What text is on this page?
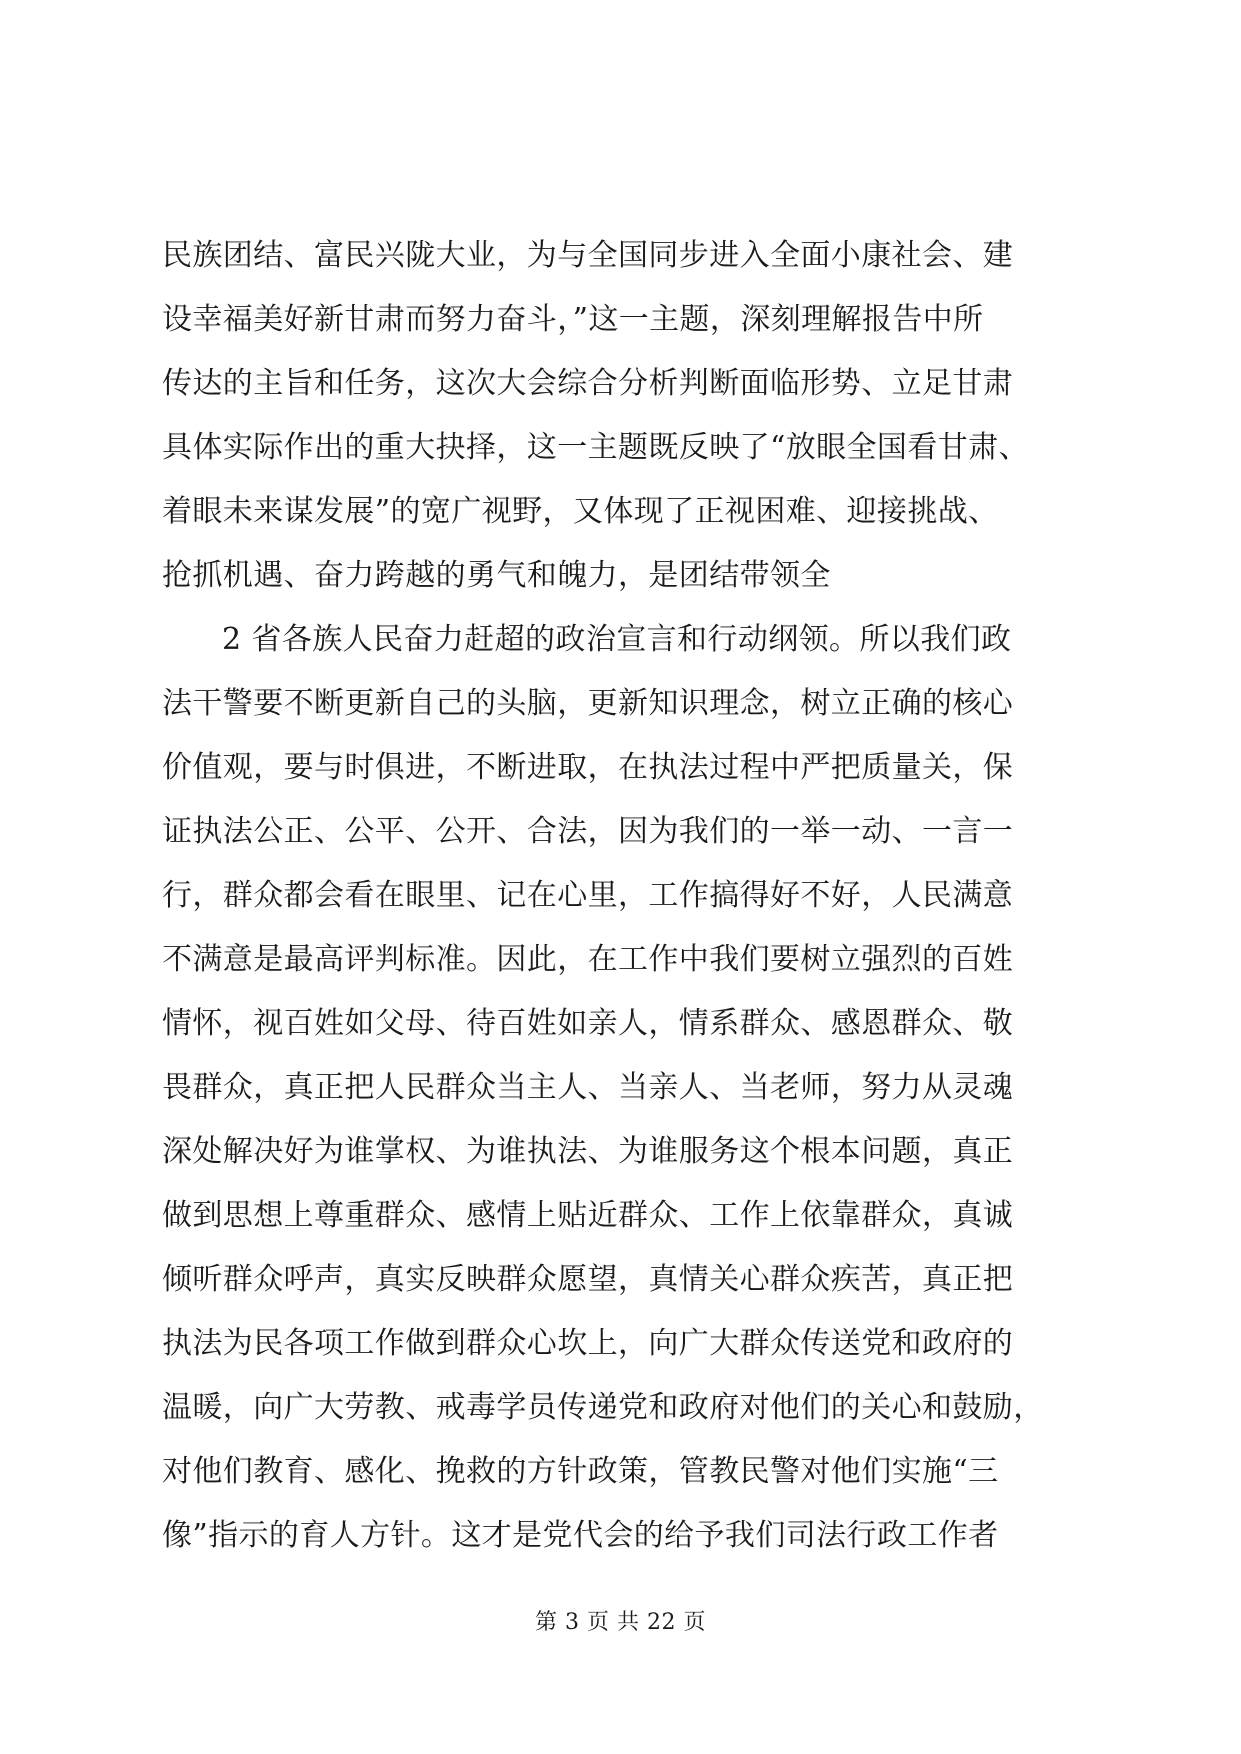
民族团结、富民兴陇大业，为与全国同步进入全面小康社会、建
设幸福美好新甘肃而努力奋斗，”这一主题，深刻理解报告中所
传达的主旨和任务，这次大会综合分析判断面临形势、立足甘肃
具体实际作出的重大抉择，这一主题既反映了“放眼全国看甘肃、
着眼未来谋发展”的宽广视野，又体现了正视困难、迎接挑战、
抢抓机遇、奋力跨越的勇气和魄力，是团结带领全
2 省各族人民奋力赶超的政治宣言和行动纲领。所以我们政
法干警要不断更新自己的头脑，更新知识理念，树立正确的核心
价值观，要与时俱进，不断进取，在执法过程中严把质量关，保
证执法公正、公平、公开、合法，因为我们的一举一动、一言一
行，群众都会看在眼里、记在心里，工作搞得好不好，人民满意
不满意是最高评判标准。因此，在工作中我们要树立强烈的百姓
情怀，视百姓如父母、待百姓如亲人，情系群众、感恩群众、敬
畏群众，真正把人民群众当主人、当亲人、当老师，努力从灵魂
深处解决好为谁掌权、为谁执法、为谁服务这个根本问题，真正
做到思想上尊重群众、感情上贴近群众、工作上依靠群众，真诚
倾听群众呼声，真实反映群众愿望，真情关心群众疾苦，真正把
执法为民各项工作做到群众心坎上，向广大群众传送党和政府的
温暖，向广大劳教、戒毒学员传递党和政府对他们的关心和鼓励，
对他们教育、感化、挽救的方针政策，管教民警对他们实施“三
像”指示的育人方针。这才是党代会的给予我们司法行政工作者
第 3 页 共 22 页
